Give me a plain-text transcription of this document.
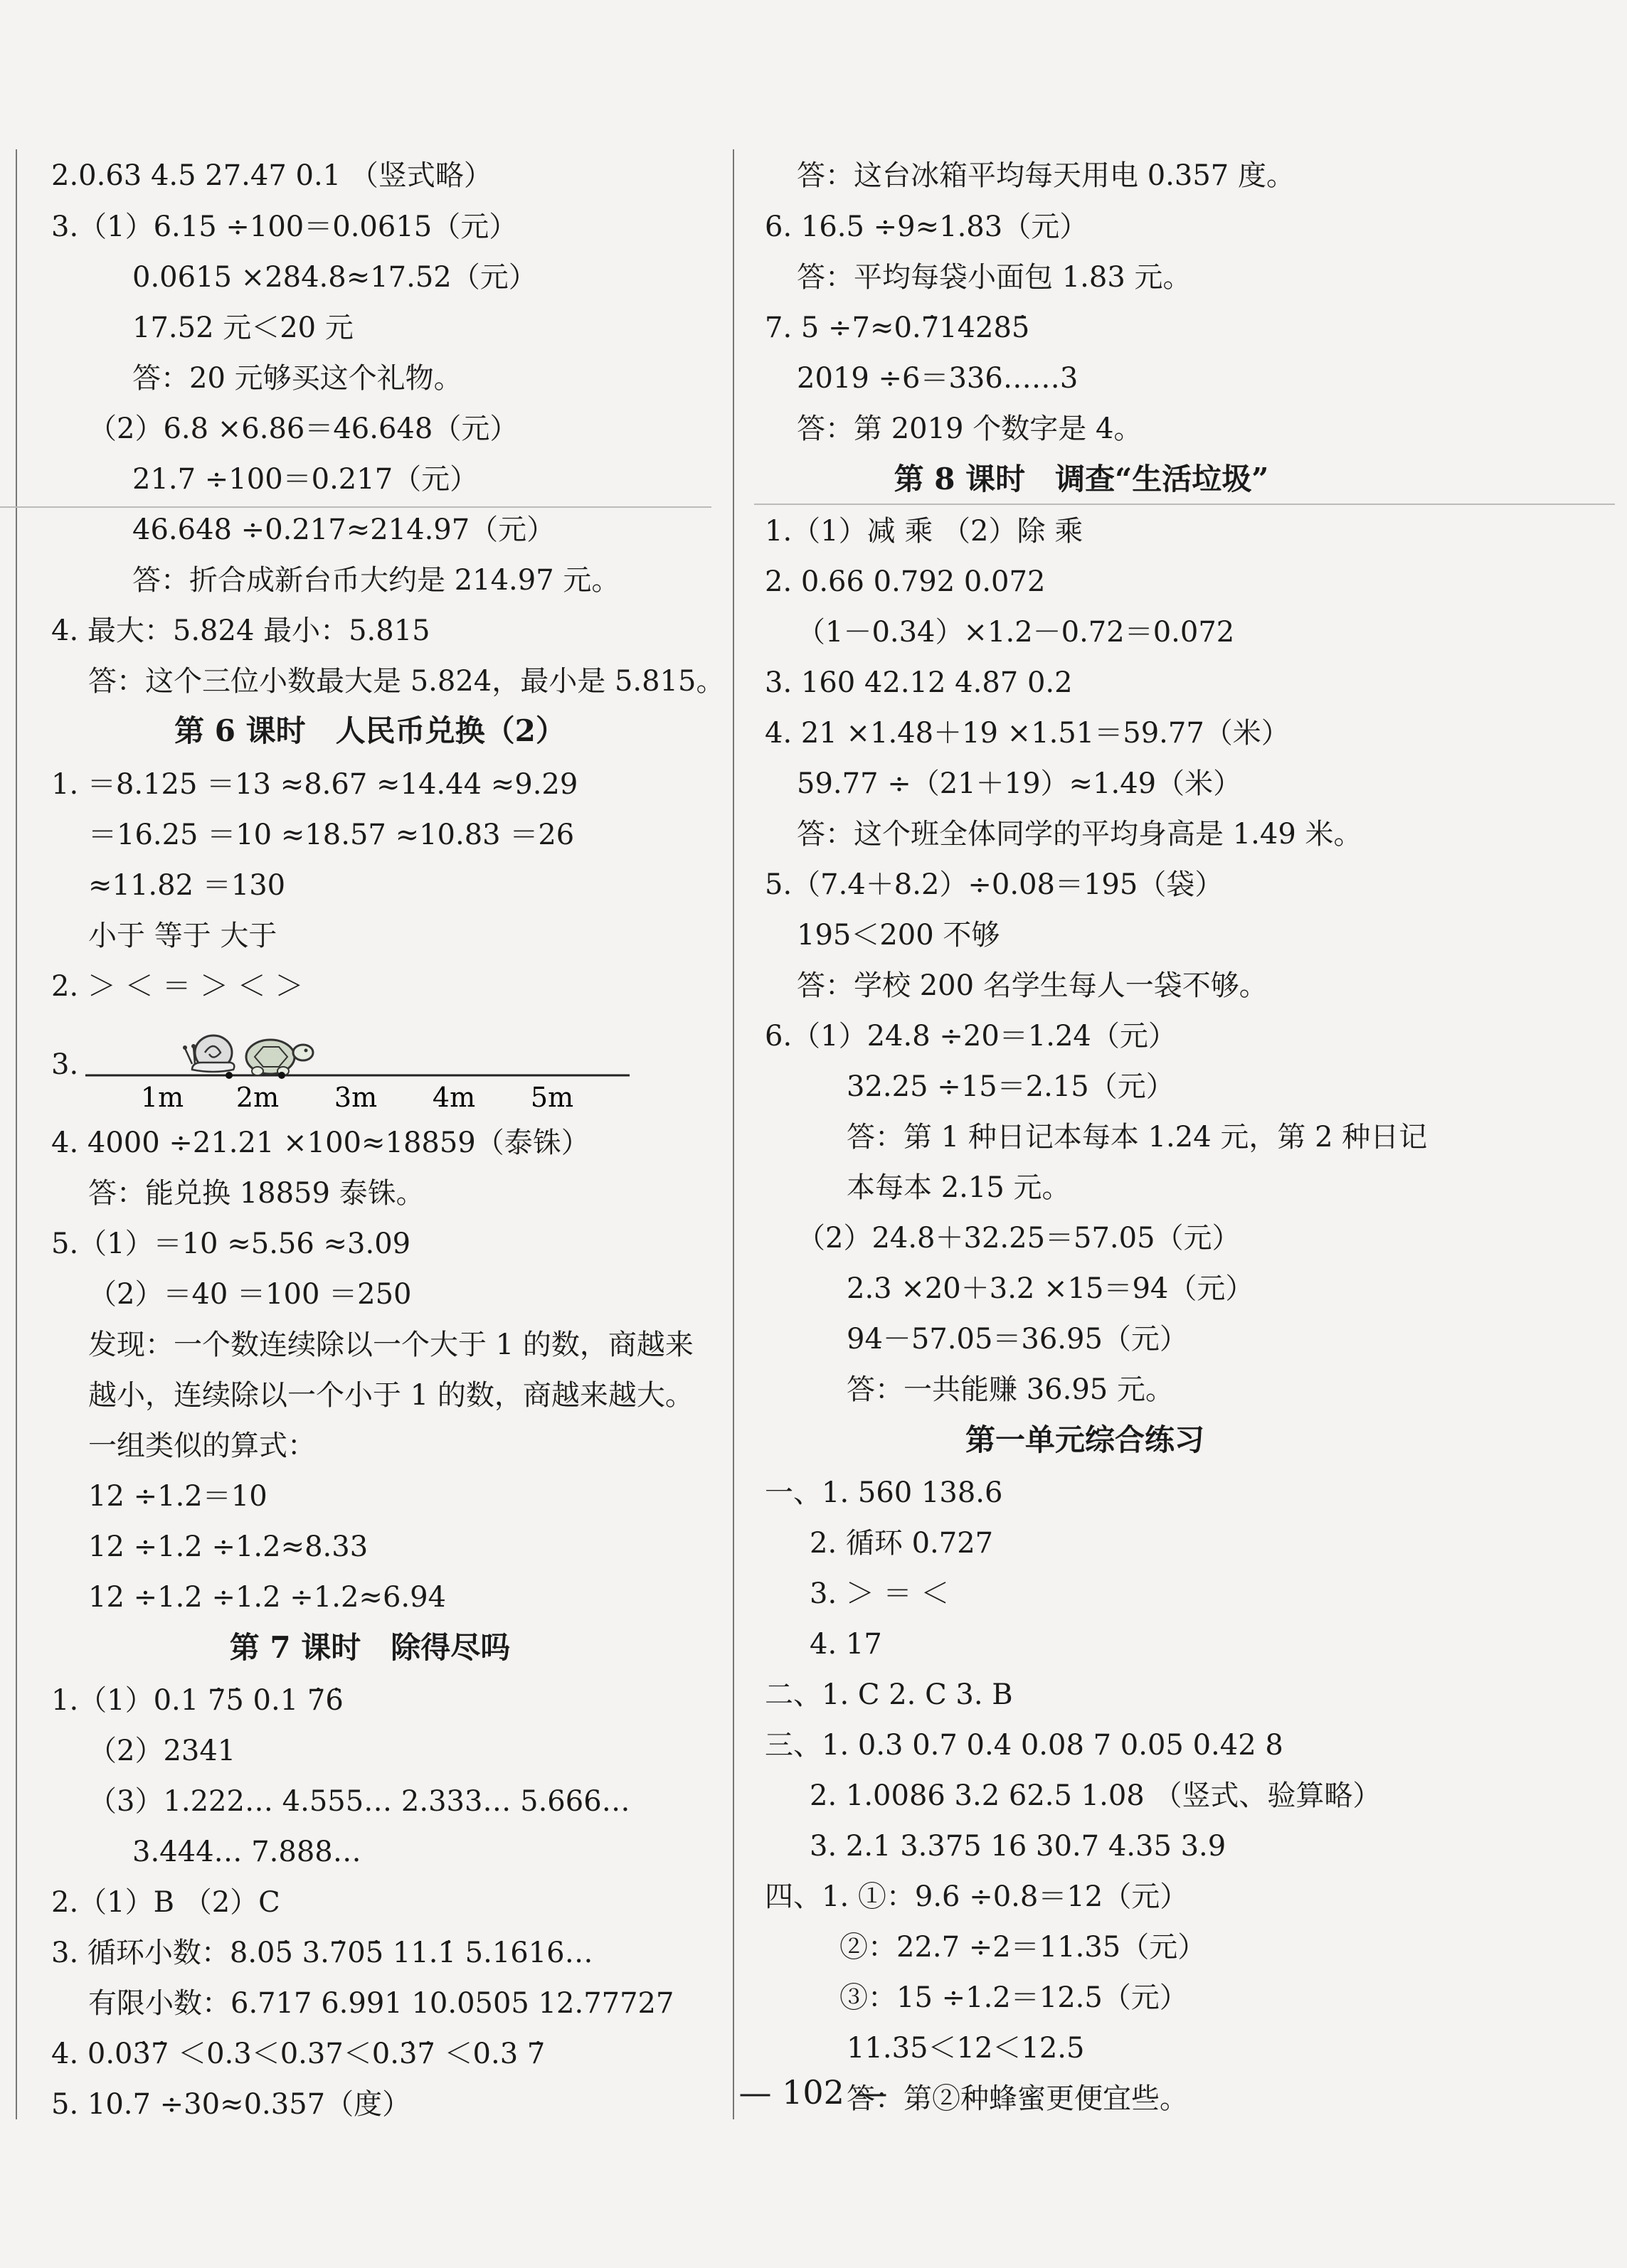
2.0.63 4.5 27.47 0.1 （竖式略）
3.（1）6.15 ÷100＝0.0615（元）
0.0615 ×284.8≈17.52（元）
17.52 元＜20 元
答：20 元够买这个礼物。
（2）6.8 ×6.86＝46.648（元）
21.7 ÷100＝0.217（元）
46.648 ÷0.217≈214.97（元）
答：折合成新台币大约是 214.97 元。
4. 最大：5.824 最小：5.815
答：这个三位小数最大是 5.824，最小是 5.815。
第 6 课时　人民币兑换（2）
1. ＝8.125 ＝13 ≈8.67 ≈14.44 ≈9.29
＝16.25 ＝10 ≈18.57 ≈10.83 ＝26
≈11.82 ＝130
小于 等于 大于
2. ＞ ＜ ＝ ＞ ＜ ＞
3.
1m 2m 3m 4m 5m
4. 4000 ÷21.21 ×100≈18859（泰铢）
答：能兑换 18859 泰铢。
5.（1）＝10 ≈5.56 ≈3.09
（2）＝40 ＝100 ＝250
发现：一个数连续除以一个大于 1 的数，商越来
越小，连续除以一个小于 1 的数，商越来越大。
一组类似的算式：
12 ÷1.2＝10
12 ÷1.2 ÷1.2≈8.33
12 ÷1.2 ÷1.2 ÷1.2≈6.94
第 7 课时　除得尽吗
1.（1）0.1 7̇5̇ 0.1 7̇6̇
（2）2341
（3）1.222… 4.555… 2.333… 5.666…
3.444… 7.888…
2.（1）B （2）C
3. 循环小数：8.05̇ 3.7̇05̇ 11.1̇ 5.1616…
有限小数：6.717 6.991 10.0505 12.77727
4. 0.03̇7̇ ＜0.3＜0.37＜0.3̇7̇ ＜0.3 7̇
5. 10.7 ÷30≈0.357（度）
答：这台冰箱平均每天用电 0.357 度。
6. 16.5 ÷9≈1.83（元）
答：平均每袋小面包 1.83 元。
7. 5 ÷7≈0.7̇14285̇
2019 ÷6＝336……3
答：第 2019 个数字是 4。
第 8 课时　调查“生活垃圾”
1.（1）减 乘 （2）除 乘
2. 0.66 0.792 0.072
（1－0.34）×1.2－0.72＝0.072
3. 160 42.12 4.87 0.2
4. 21 ×1.48＋19 ×1.51＝59.77（米）
59.77 ÷（21＋19）≈1.49（米）
答：这个班全体同学的平均身高是 1.49 米。
5.（7.4＋8.2）÷0.08＝195（袋）
195＜200 不够
答：学校 200 名学生每人一袋不够。
6.（1）24.8 ÷20＝1.24（元）
32.25 ÷15＝2.15（元）
答：第 1 种日记本每本 1.24 元，第 2 种日记
本每本 2.15 元。
（2）24.8＋32.25＝57.05（元）
2.3 ×20＋3.2 ×15＝94（元）
94－57.05＝36.95（元）
答：一共能赚 36.95 元。
第一单元综合练习
一、1. 560 138.6
2. 循环 0.727
3. ＞ ＝ ＜
4. 17
二、1. C 2. C 3. B
三、1. 0.3 0.7 0.4 0.08 7 0.05 0.42 8
2. 1.0086 3.2 62.5 1.08 （竖式、验算略）
3. 2.1 3.375 16 30.7 4.35 3.9
四、1. ①：9.6 ÷0.8＝12（元）
②：22.7 ÷2＝11.35（元）
③：15 ÷1.2＝12.5（元）
11.35＜12＜12.5
答：第②种蜂蜜更便宜些。
— 102 —
